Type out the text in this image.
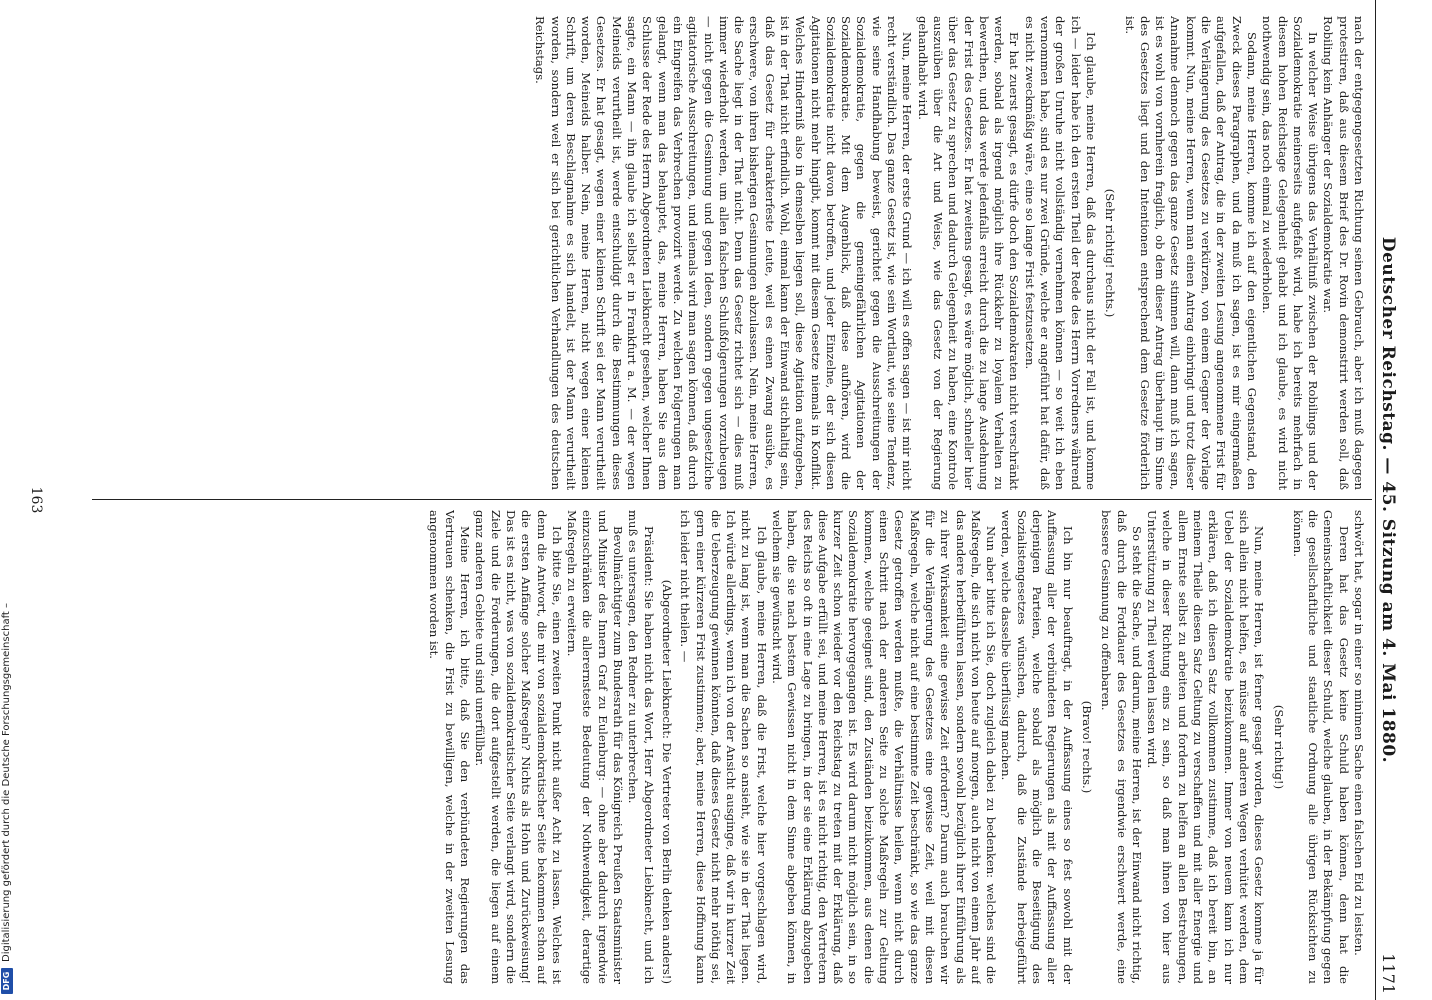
Deutscher Reichstag. — 45. Sitzung am 4. Mai 1880.
1171

nach der entgegengesetzten Richtung seinen Gebrauch, aber ich muß dagegen protestiren, daß aus diesem Brief des Dr. Rovin demonstrirt werden soll, daß Robiling kein Anhänger der Sozialdemokratie war.

In welcher Weise übrigens das Verhältniß zwischen der Robilings und der Sozialdemokratie meinerseits aufgefaßt wird, habe ich bereits mehrfach in diesem hohen Reichstage Gelegenheit gehabt und ich glaube, es wird nicht nothwendig sein, das noch einmal zu wiederholen.

Sodann, meine Herren, komme ich auf den eigentlichen Gegenstand, den Zweck dieses Paragraphen, und da muß ich sagen, ist es mir eingermaßen aufgefallen, daß der Antrag, die in der zweiten Lesung angenommene Frist für die Verlängerung des Gesetzes zu verkürzen, von einem Gegner der Vorlage kommt. Nun, meine Herren, wenn man einen Antrag einbringt und trotz dieser Annahme dennoch gegen das ganze Gesetz stimmen will, dann muß ich sagen, ist es wohl von vornherein fraglich, ob dem dieser Antrag überhaupt im Sinne des Gesetzes liegt und den Intentionen entsprechend dem Gesetze förderlich ist.

(Sehr richtig! rechts.)

Ich glaube, meine Herren, daß das durchaus nicht der Fall ist, und komme ich — leider habe ich den ersten Theil der Rede des Herrn Vorredners während der großen Unruhe nicht vollständig vernehmen können — so weit ich eben vernommen habe, sind es nur zwei Gründe, welche er angeführt hat dafür, daß es nicht zweckmäßig wäre, eine so lange Frist festzusetzen.

Er hat zuerst gesagt, es dürfe doch den Sozialdemokraten nicht verschränkt werden, sobald als irgend möglich ihre Rückkehr zu loyalem Verhalten zu bewerthen, und das werde jedenfalls erreicht durch die zu lange Ausdehnung der Frist des Gesetzes. Er hat zweitens gesagt, es wäre möglich, schneller hier über das Gesetz zu sprechen und dadurch Gelegenheit zu haben, eine Kontrole auszuüben über die Art und Weise, wie das Gesetz von der Regierung gehandhabt wird.

Nun, meine Herren, der erste Grund — ich will es offen sagen — ist mir nicht recht verständlich. Das ganze Gesetz ist, wie sein Wortlaut, wie seine Tendenz, wie seine Handhabung beweist, gerichtet gegen die Ausschreitungen der Sozialdemokratie, gegen die gemeingefährlichen Agitationen der Sozialdemokratie. Mit dem Augenblick, daß diese aufhören, wird die Sozialdemokratie nicht davon betroffen, und jeder Einzelne, der sich diesen Agitationen nicht mehr hingibt, kommt mit diesem Gesetze niemals in Konflikt. Welches Hinderniß also in demselben liegen soll, diese Agitation aufzugeben, ist in der That nicht erfindlich. Wohl, einmal kann der Einwand stichhaltig sein, daß das Gesetz für charakterfeste Leute, weil es einen Zwang ausübe, es erschwere, von ihren bisherigen Gesinnungen abzulassen. Nein, meine Herren, die Sache liegt in der That nicht. Denn das Gesetz richtet sich — dies muß immer wiederholt werden, um allen falschen Schlußfolgerungen vorzubeugen — nicht gegen die Gesinnung und gegen Ideen, sondern gegen ungesetzliche agitatorische Ausschreitungen, und niemals wird man sagen können, daß durch ein Eingreifen das Verbrechen provozirt werde. Zu welchen Folgerungen man gelangt, wenn man das behauptet, das, meine Herren, haben Sie aus dem Schlusse der Rede des Herrn Abgeordneten Liebknecht gesehen, welcher Ihnen sagte, ein Mann — ihn glaube ich selbst er in Frankfurt a. M. — der wegen Meineids verurtheilt ist, werde entschuldigt durch die Bestimmungen dieses Gesetzes. Er hat gesagt, wegen einer kleinen Schrift sei der Mann verurtheilt worden, Meineids halber. Nein, meine Herren, nicht wegen einer kleinen Schrift, um deren Beschlagnahme es sich handelt, ist der Mann verurtheilt worden, sondern weil er sich bei gerichtlichen Verhandlungen des deutschen Reichstags.

schwört hat, sogar in einer so minimen Sache einen falschen Eid zu leisten.

Deren hat das Gesetz keine Schuld haben können, denn hat die Gemeinschaftlichkeit dieser Schuld, welche glauben, in der Bekämpfung gegen die gesellschaftliche und staatliche Ordnung alle übrigen Rücksichten zu können.

(Sehr richtig!)

Nun, meine Herren, ist ferner gesagt worden, dieses Gesetz komme ja für sich allein nicht helfen, es müsse auf anderen Wegen verhütet werden, dem Uebel der Sozialdemokratie beizukommen. Immer von neuem kann ich nur erklären, daß ich diesen Satz vollkommen zustimme, daß ich bereit bin, an meinem Theile diesen Satz Geltung zu verschaffen und mit aller Energie und allem Ernste selbst zu arbeiten und fordern zu helfen an allen Bestrebungen, welche in dieser Richtung eins zu sein, so daß man ihnen von hier aus Unterstützung zu Theil werden lassen wird.

So steht die Sache, und darum, meine Herren, ist der Einwand nicht richtig, daß durch die Fortdauer des Gesetzes es irgendwie erschwert werde, eine bessere Gesinnung zu offenbaren.

(Bravo! rechts.)

Ich bin nur beauftragt, in der Auffassung eines so fest sowohl mit der Auffassung aller der verbündeten Regierungen als mit der Auffassung aller derjenigen Parteien, welche sobald als möglich die Beseitigung des Sozialistengesetzes wünschen, dadurch, daß die Zustände herbeigeführt werden, welche dasselbe überflüssig machen.

Nun aber bitte ich Sie, doch zugleich dabei zu bedenken: welches sind die Maßregeln, die sich nicht von heute auf morgen, auch nicht von einem Jahr auf das andere herbeiführen lassen, sondern sowohl bezüglich ihrer Einführung als zu ihrer Wirksamkeit eine gewisse Zeit erfordern? Darum auch brauchen wir für die Verlängerung des Gesetzes eine gewisse Zeit, weil mit diesen Maßregeln, welche nicht auf eine bestimmte Zeit beschränkt, so wie das ganze Gesetz getroffen werden mußte, die Verhältnisse heilen, wenn nicht durch einen Schritt nach der anderen Seite zu solche Maßregeln zur Geltung kommen, welche geeignet sind, den Zuständen beizukommen, aus denen die Sozialdemokratie hervorgegangen ist. Es wird darum nicht möglich sein, in so kurzer Zeit schon wieder vor den Reichstag zu treten mit der Erklärung, daß diese Aufgabe erfüllt sei, und meine Herren, ist es nicht richtig, den Vertretern des Reichs so oft in eine Lage zu bringen, in der sie eine Erklärung abzugeben haben, die sie nach bestem Gewissen nicht in dem Sinne abgeben können, in welchem sie gewünscht wird.

Ich glaube, meine Herren, daß die Frist, welche hier vorgeschlagen wird, nicht zu lang ist, wenn man die Sachen so ansieht, wie sie in der That liegen. Ich würde allerdings, wenn ich von der Ansicht ausginge, daß wir in kurzer Zeit die Ueberzeugung gewinnen könnten, daß dieses Gesetz nicht mehr nöthig sei, gern einer kürzeren Frist zustimmen; aber, meine Herren, diese Hoffnung kann ich leider nicht theilen. —

(Abgeordneter Liebknecht: Die Vertreter von Berlin denken anders!)

Präsident: Sie haben nicht das Wort, Herr Abgeordneter Liebknecht, und ich muß es untersagen, den Redner zu unterbrechen.

Bevollmächtigter zum Bundesrath für das Königreich Preußen Staatsminister und Minister des Innern Graf zu Eulenburg: — ohne aber dadurch irgendwie einzuschränken die allerernsteste Bedeutung der Nothwendigkeit, derartige Maßregeln zu erweitern.

Ich bitte Sie, einen zweiten Punkt nicht außer Acht zu lassen. Welches ist denn die Antwort, die mir von sozialdemokratischer Seite bekommen schon auf die ersten Anfänge solcher Maßregeln? Nichts als Hohn und Zurückweisung! Das ist es nicht, was von sozialdemokratischer Seite verlangt wird, sondern die Ziele und die Forderungen, die dort aufgestellt werden, die liegen auf einem ganz anderen Gebiete und sind unerfüllbar.

Meine Herren, ich bitte, daß Sie den verbündeten Regierungen das Vertrauen schenken, die Frist zu bewilligen, welche in der zweiten Lesung angenommen worden ist.

163
Digitalisierung gefördert durch die Deutsche Forschungsgemeinschaft –
DFG
